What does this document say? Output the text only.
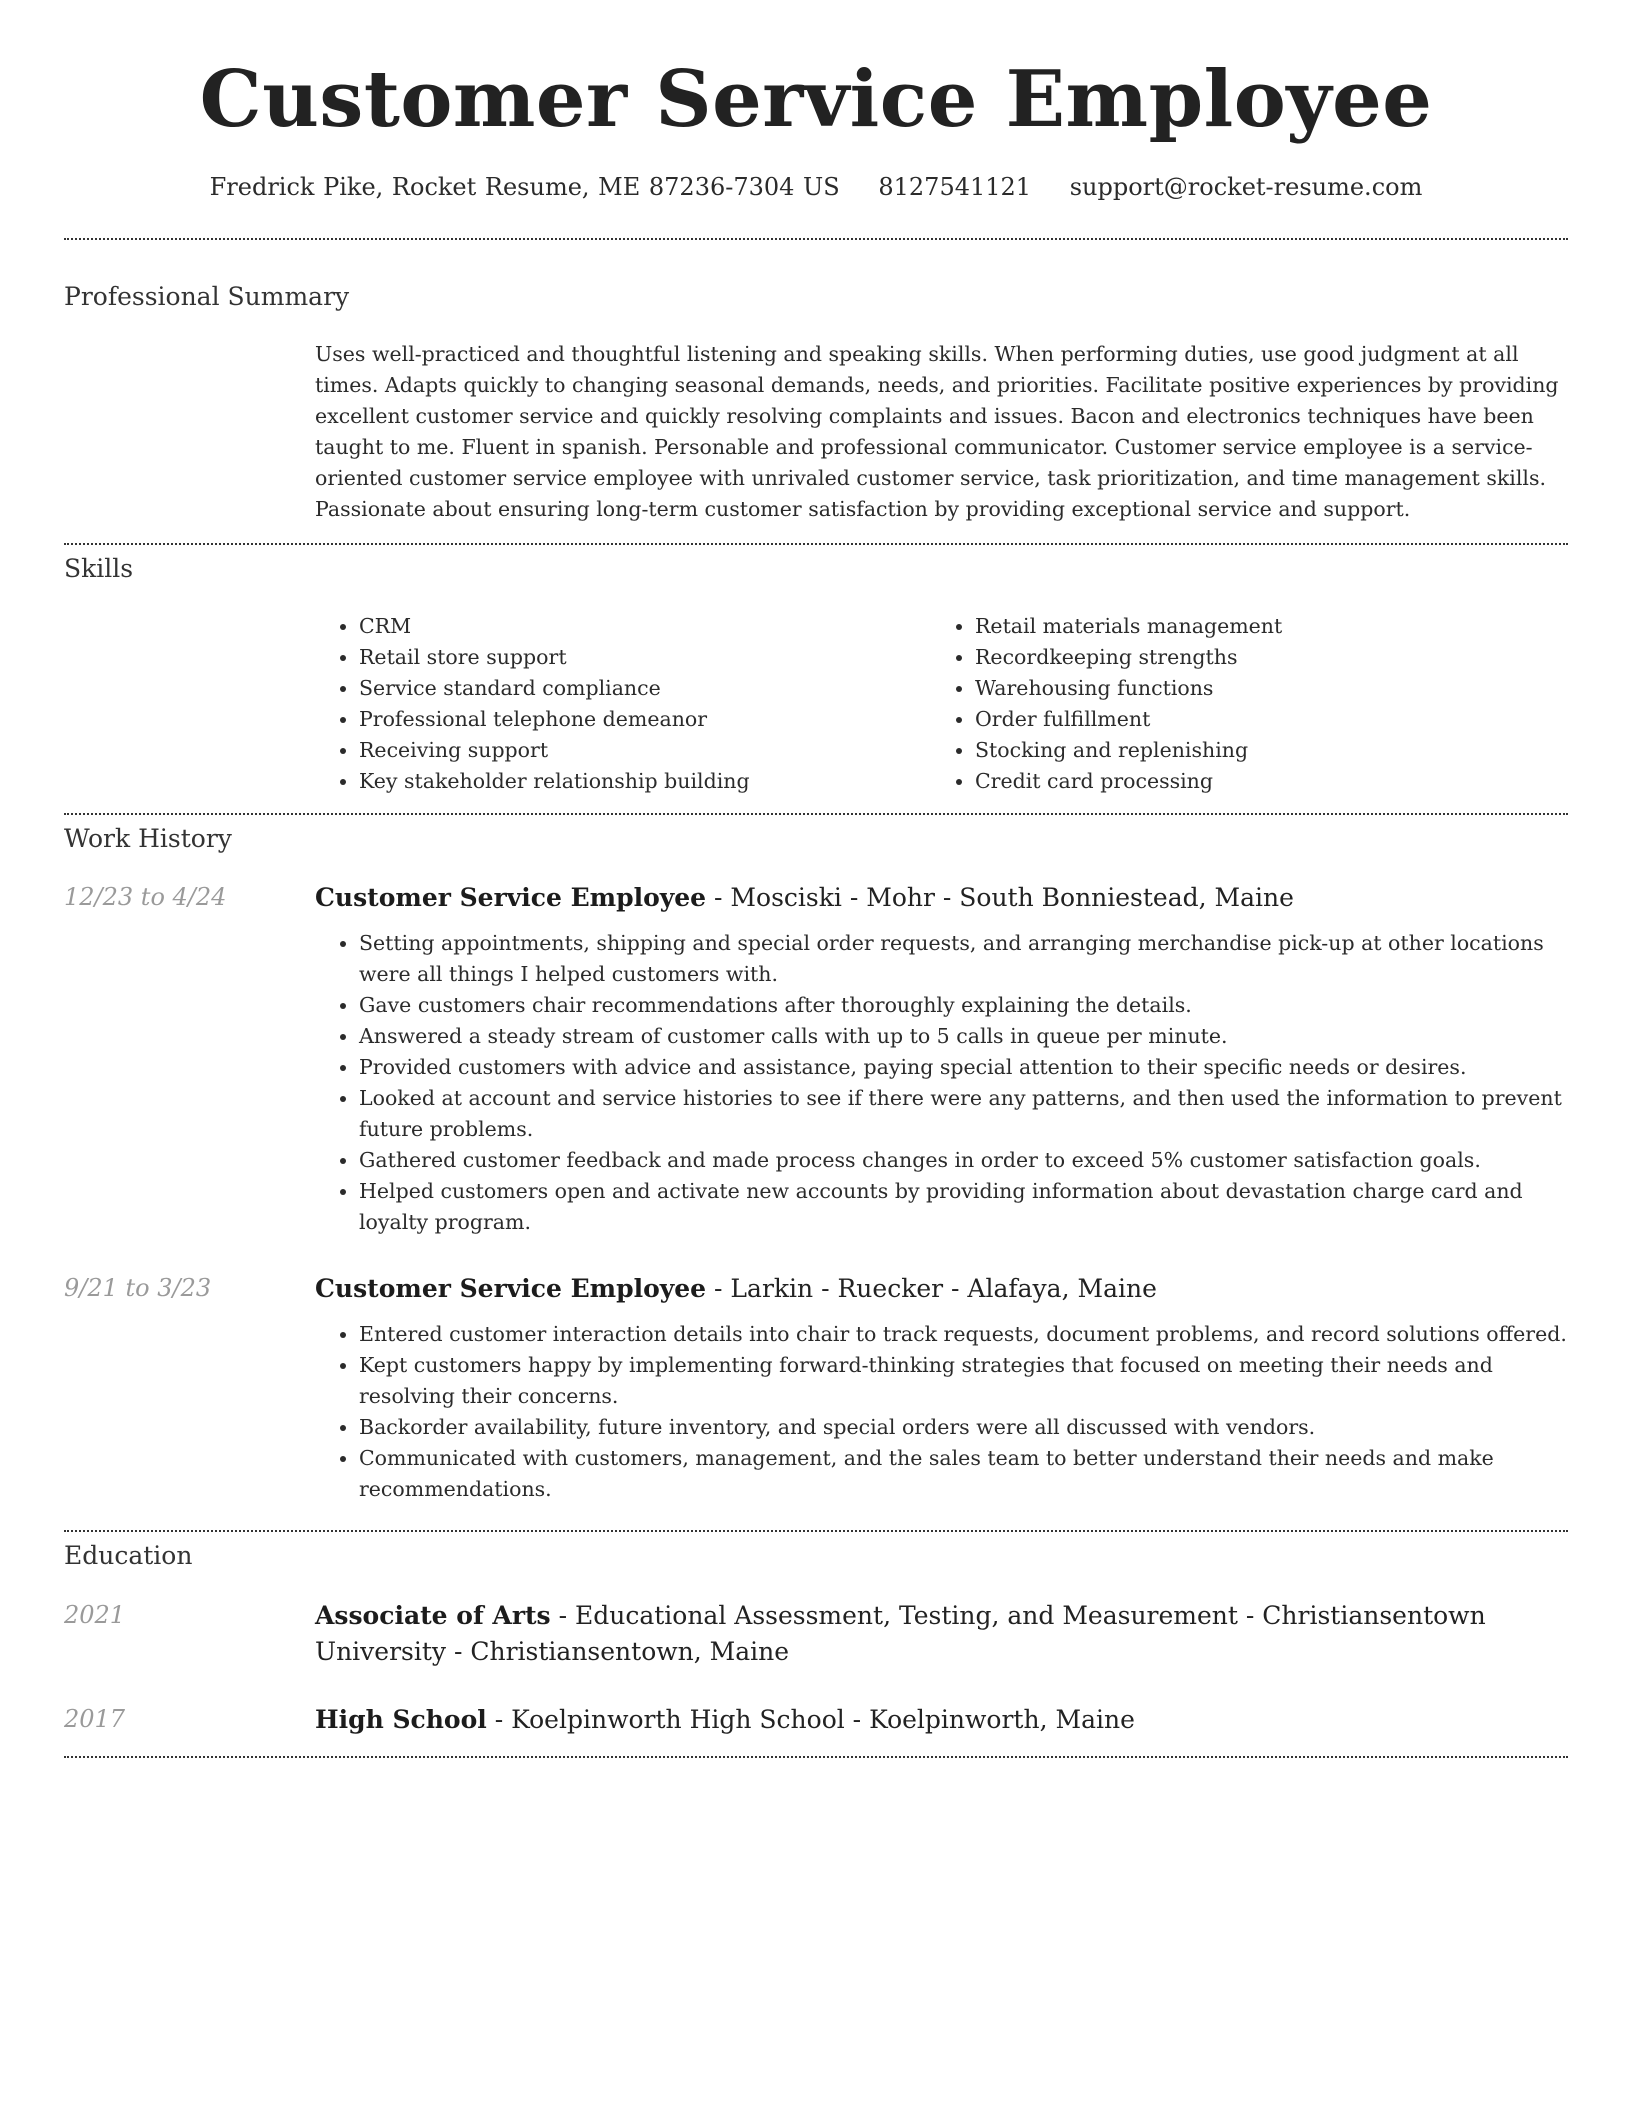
Customer Service Employee
Fredrick Pike, Rocket Resume, ME 87236-7304 US 8127541121 support@rocket-resume.com
Professional Summary

Uses well-practiced and thoughtful listening and speaking skills. When performing duties, use good judgment at all times. Adapts quickly to changing seasonal demands, needs, and priorities. Facilitate positive experiences by providing excellent customer service and quickly resolving complaints and issues. Bacon and electronics techniques have been taught to me. Fluent in spanish. Personable and professional communicator. Customer service employee is a service-oriented customer service employee with unrivaled customer service, task prioritization, and time management skills. Passionate about ensuring long-term customer satisfaction by providing exceptional service and support.

Skills
• CRM
• Retail store support
• Service standard compliance
• Professional telephone demeanor
• Receiving support
• Key stakeholder relationship building
• Retail materials management
• Recordkeeping strengths
• Warehousing functions
• Order fulfillment
• Stocking and replenishing
• Credit card processing
Work History
12/23 to 4/24	Customer Service Employee - Mosciski - Mohr - South Bonniestead, Maine

• Setting appointments, shipping and special order requests, and arranging merchandise pick-up at other locations were all things I helped customers with.
• Gave customers chair recommendations after thoroughly explaining the details.
• Answered a steady stream of customer calls with up to 5 calls in queue per minute.
• Provided customers with advice and assistance, paying special attention to their specific needs or desires.
• Looked at account and service histories to see if there were any patterns, and then used the information to prevent future problems.
• Gathered customer feedback and made process changes in order to exceed 5% customer satisfaction goals.
• Helped customers open and activate new accounts by providing information about devastation charge card and loyalty program.
9/21 to 3/23	Customer Service Employee - Larkin - Ruecker - Alafaya, Maine

• Entered customer interaction details into chair to track requests, document problems, and record solutions offered.
• Kept customers happy by implementing forward-thinking strategies that focused on meeting their needs and resolving their concerns.
• Backorder availability, future inventory, and special orders were all discussed with vendors.
• Communicated with customers, management, and the sales team to better understand their needs and make recommendations.
Education
2021	Associate of Arts - Educational Assessment, Testing, and Measurement - Christiansentown University - Christiansentown, Maine

2017	High School - Koelpinworth High School - Koelpinworth, Maine
